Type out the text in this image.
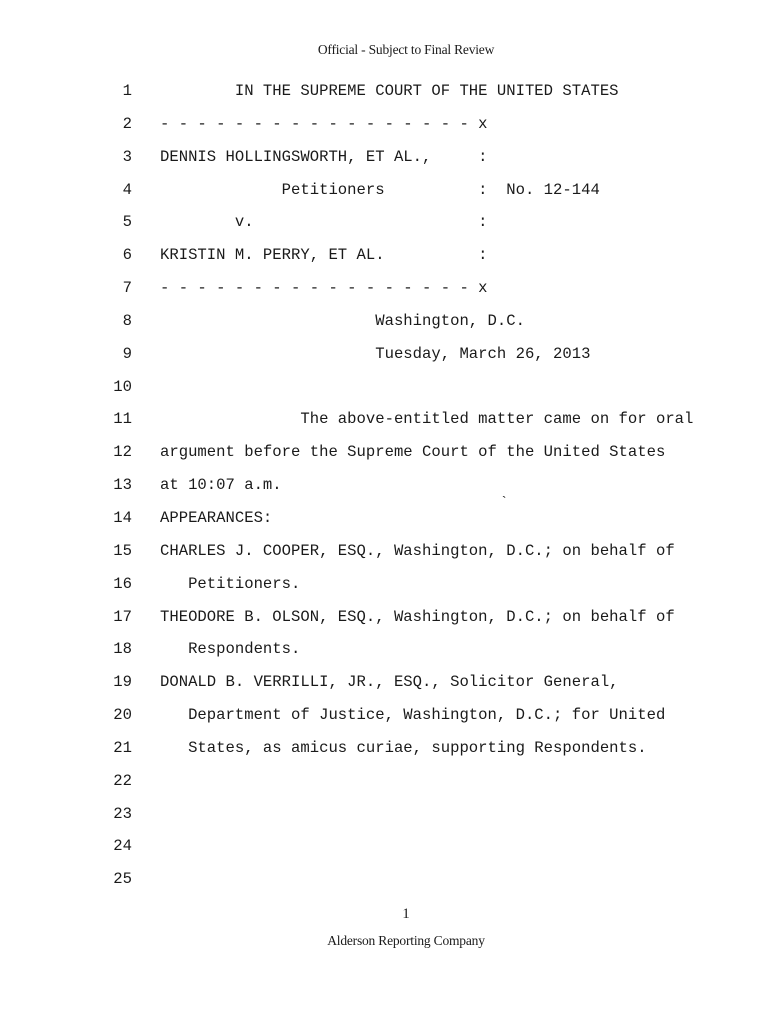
Official - Subject to Final Review
1 IN THE SUPREME COURT OF THE UNITED STATES
2 - - - - - - - - - - - - - - - - - x
3 DENNIS HOLLINGSWORTH, ET AL.,     :
4 Petitioners          :  No. 12-144
5 v.                        :
6 KRISTIN M. PERRY, ET AL.          :
7 - - - - - - - - - - - - - - - - - x
8 Washington, D.C.
9 Tuesday, March 26, 2013
10
11 The above-entitled matter came on for oral
12 argument before the Supreme Court of the United States
13 at 10:07 a.m.
14 APPEARANCES:
15 CHARLES J. COOPER, ESQ., Washington, D.C.; on behalf of
16 Petitioners.
17 THEODORE B. OLSON, ESQ., Washington, D.C.; on behalf of
18 Respondents.
19 DONALD B. VERRILLI, JR., ESQ., Solicitor General,
20 Department of Justice, Washington, D.C.; for United
21 States, as amicus curiae, supporting Respondents.
22
23
24
25
`
1
Alderson Reporting Company
